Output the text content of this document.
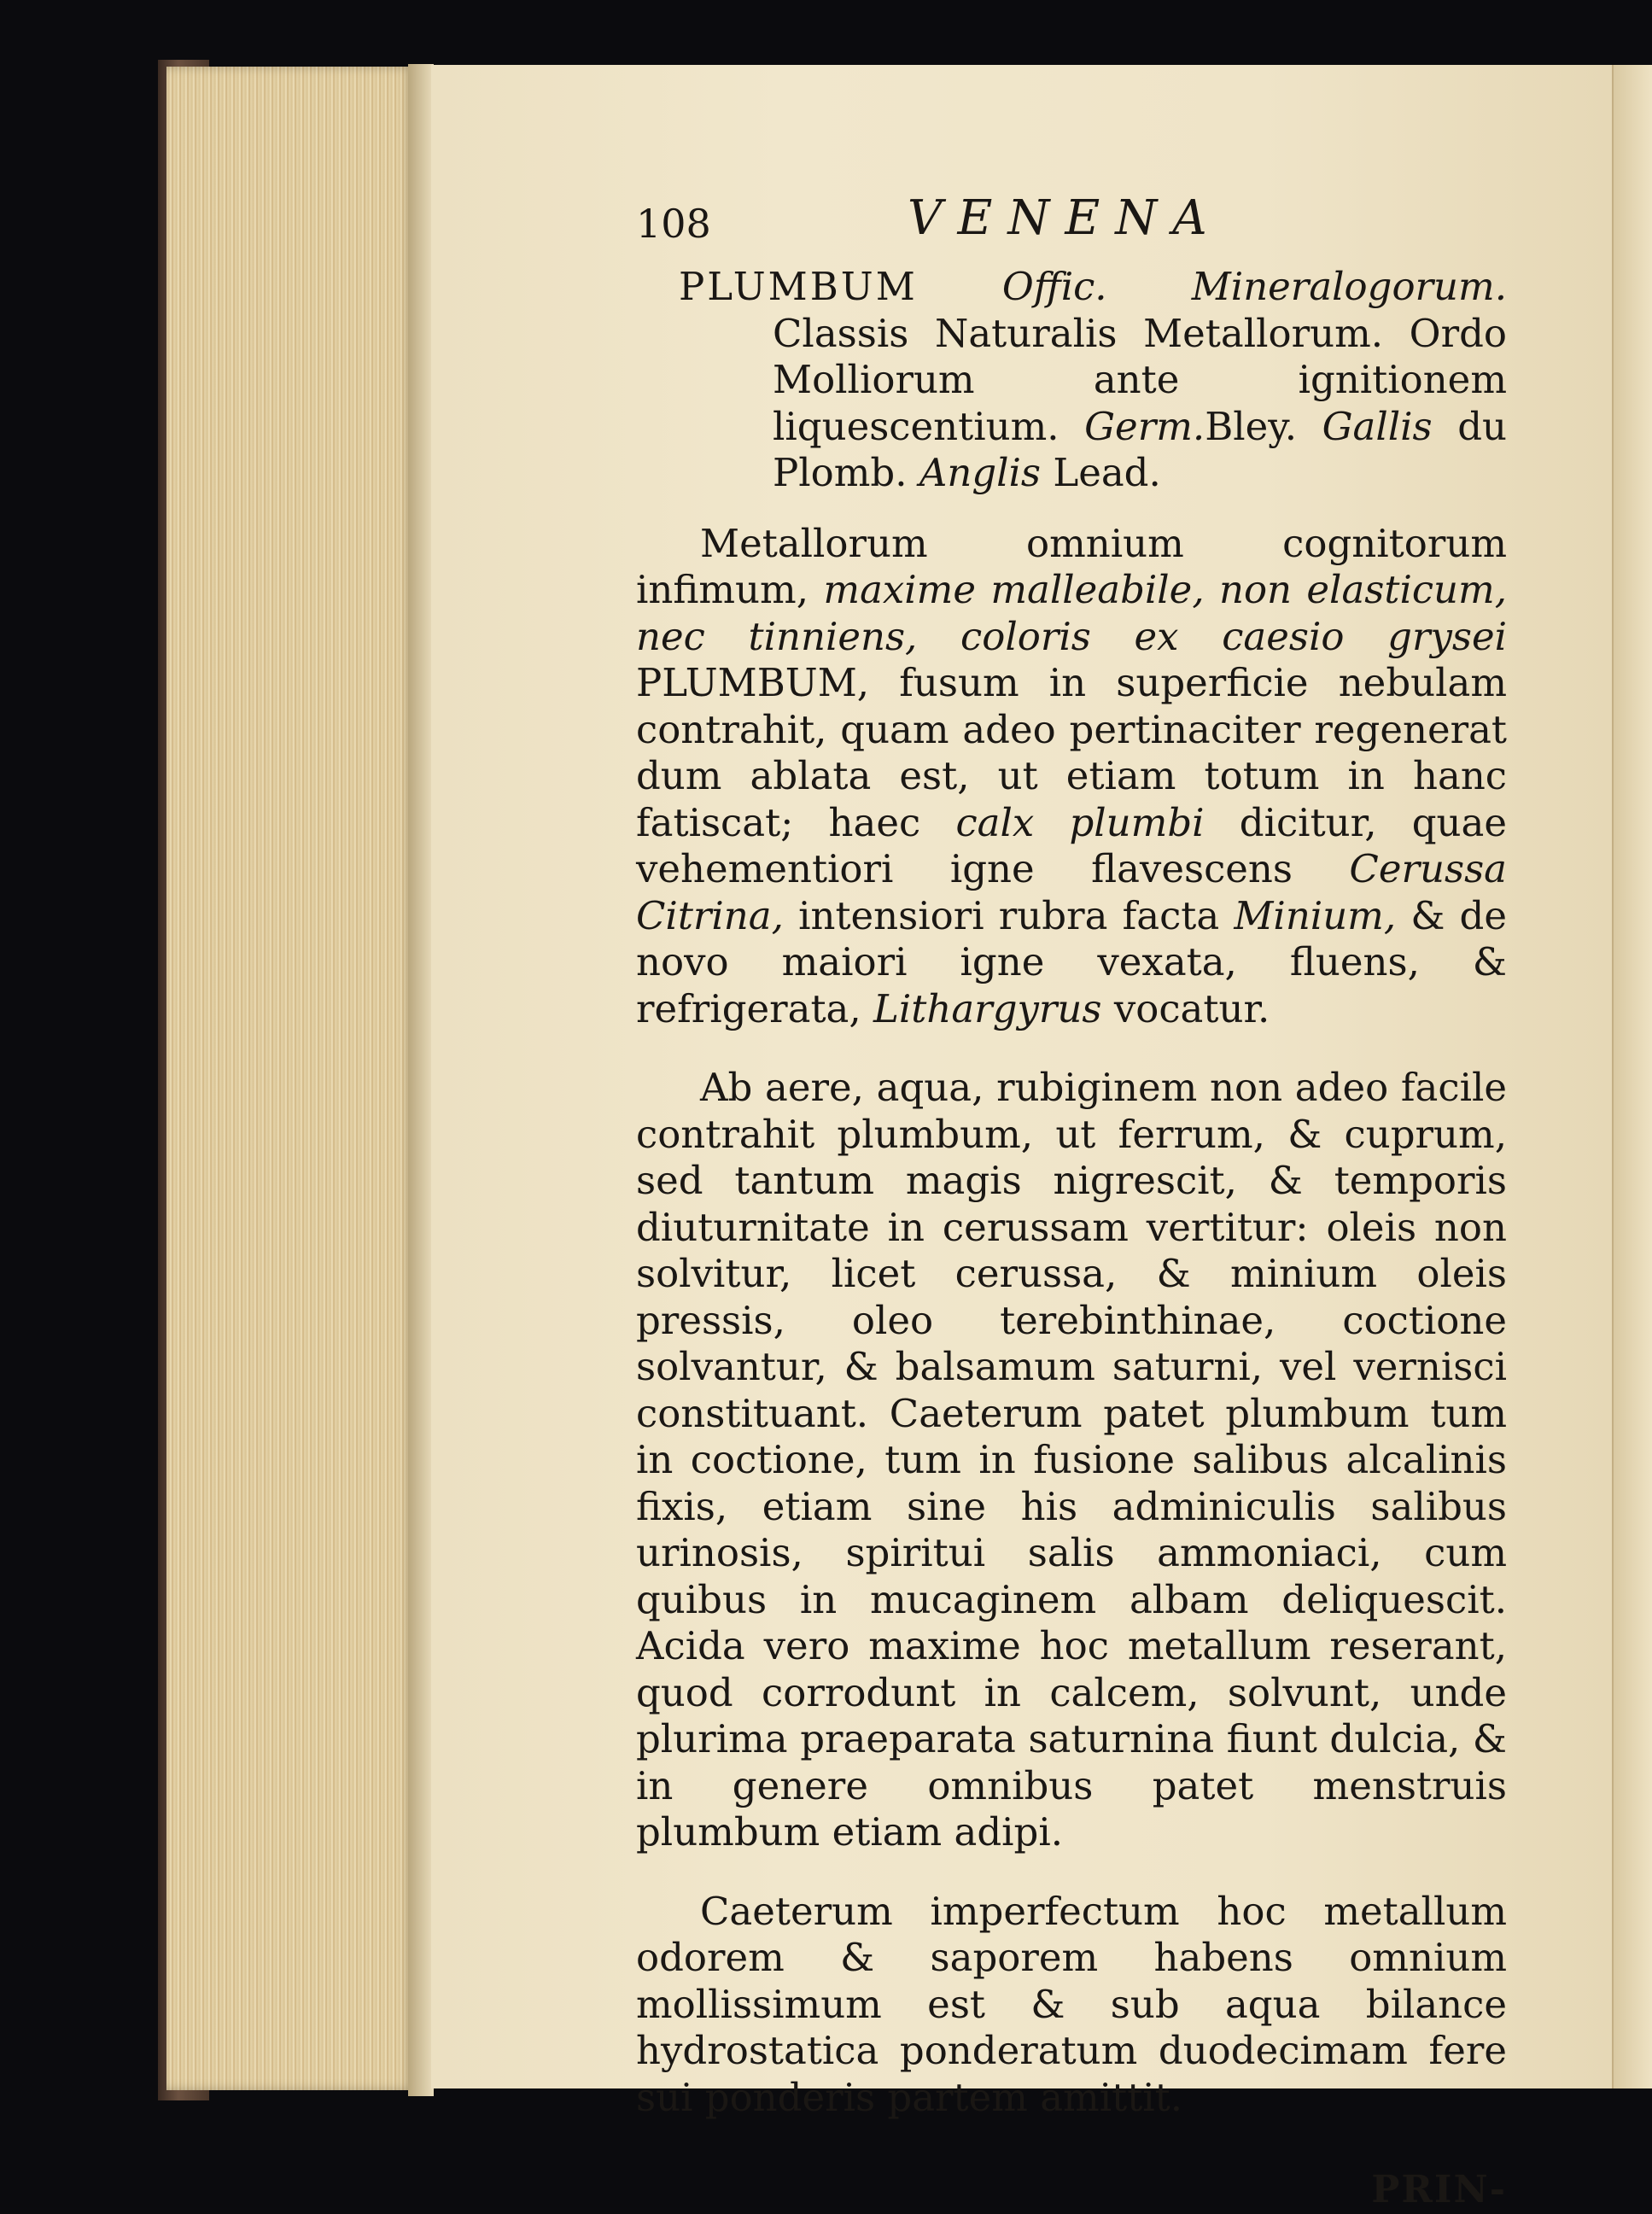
108	VENENA
PLUMBUM Offic. Mineralogorum. Classis Naturalis Metallorum. Ordo Molliorum ante ignitionem liquescentium. Germ.Bley. Gallis du Plomb. Anglis Lead.

Metallorum omnium cognitorum infimum, maxime malleabile, non elasticum, nec tinniens, coloris ex caesio grysei PLUMBUM, fusum in superficie nebulam contrahit, quam adeo pertinaciter regenerat dum ablata est, ut etiam totum in hanc fatiscat; haec calx plumbi dicitur, quae vehementiori igne flavescens Cerussa Citrina, intensiori rubra facta Minium, & de novo maiori igne vexata, fluens, & refrigerata, Lithargyrus vocatur.

Ab aere, aqua, rubiginem non adeo facile contrahit plumbum, ut ferrum, & cuprum, sed tantum magis nigrescit, & temporis diuturnitate in cerussam vertitur: oleis non solvitur, licet cerussa, & minium oleis pressis, oleo terebinthinae, coctione solvantur, & balsamum saturni, vel vernisci constituant. Caeterum patet plumbum tum in coctione, tum in fusione salibus alcalinis fixis, etiam sine his adminiculis salibus urinosis, spiritui salis ammoniaci, cum quibus in mucaginem albam deliquescit. Acida vero maxime hoc metallum reserant, quod corrodunt in calcem, solvunt, unde plurima praeparata saturnina fiunt dulcia, & in genere omnibus patet menstruis plumbum etiam adipi.

Caeterum imperfectum hoc metallum odorem & saporem habens omnium mollissimum est & sub aqua bilance hydrostatica ponderatum duodecimam fere sui ponderis partem amittit.

PRIN-
